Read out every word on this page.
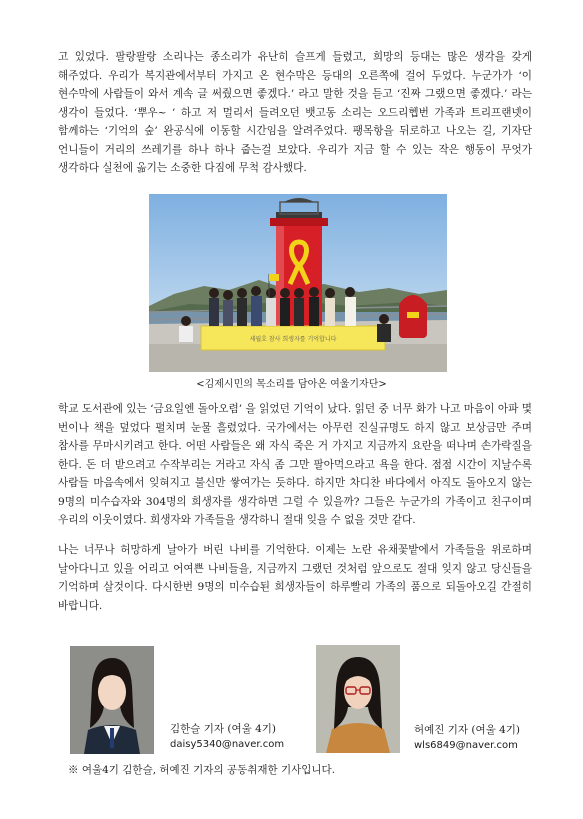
고 있었다. 팔랑팔랑 소리나는 종소리가 유난히 슬프게 들렸고, 희망의 등대는 많은 생각을 갖게 해주었다. 우리가 복지관에서부터 가지고 온 현수막은 등대의 오른쪽에 걸어 두었다. 누군가가 ‘이 현수막에 사람들이 와서 계속 글 써줬으면 좋겠다.’ 라고 말한 것을 듣고 ‘진짜 그랬으면 좋겠다.’ 라는 생각이 들었다. ‘뿌우~ ’ 하고 저 멀리서 들려오던 뱃고동 소리는 오드리헵번 가족과 트리프랜넷이 함께하는 ‘기억의 숲’ 완공식에 이동할 시간임을 알려주었다. 팽목항을 뒤로하고 나오는 길, 기자단 언니들이 거리의 쓰레기를 하나 하나 줍는걸 보았다. 우리가 지금 할 수 있는 작은 행동이 무엇가 생각하다 실천에 옮기는 소중한 다짐에 무척 감사했다.

세월호 참사 희생자를 기억합니다
<김제시민의 목소리를 담아온 여울기자단>

학교 도서관에 있는 ‘금요일엔 돌아오렴’ 을 읽었던 기억이 났다. 읽던 중 너무 화가 나고 마음이 아파 몇 번이나 책을 덮었다 펼치며 눈물 흘렸었다. 국가에서는 아무런 진실규명도 하지 않고 보상금만 주며 참사를 무마시키려고 한다. 어떤 사람들은 왜 자식 죽은 거 가지고 지금까지 요란을 떠나며 손가락질을 한다. 돈 더 받으려고 수작부리는 거라고 자식 좀 그만 팔아먹으라고 욕을 한다. 점점 시간이 지날수록 사람들 마음속에서 잊혀지고 불신만 쌓여가는 듯하다. 하지만 차디찬 바다에서 아직도 돌아오지 않는 9명의 미수습자와 304명의 희생자를 생각하면 그럴 수 있을까? 그들은 누군가의 가족이고 친구이며 우리의 이웃이였다. 희생자와 가족들을 생각하니 절대 잊을 수 없을 것만 같다.

나는 너무나 허망하게 날아가 버린 나비를 기억한다. 이제는 노란 유채꽃밭에서 가족들을 위로하며 날아다니고 있을 어리고 어여쁜 나비들을, 지금까지 그랬던 것처럼 앞으로도 절대 잊지 않고 당신들을 기억하며 살것이다. 다시한번 9명의 미수습된 희생자들이 하루빨리 가족의 품으로 되돌아오길 간절히 바랍니다.

김한슬 기자 (여울 4기)
daisy5340@naver.com
허예진 기자 (여울 4기)
wls6849@naver.com
※ 여울4기 김한슬, 허예진 기자의 공동취재한 기사입니다.
